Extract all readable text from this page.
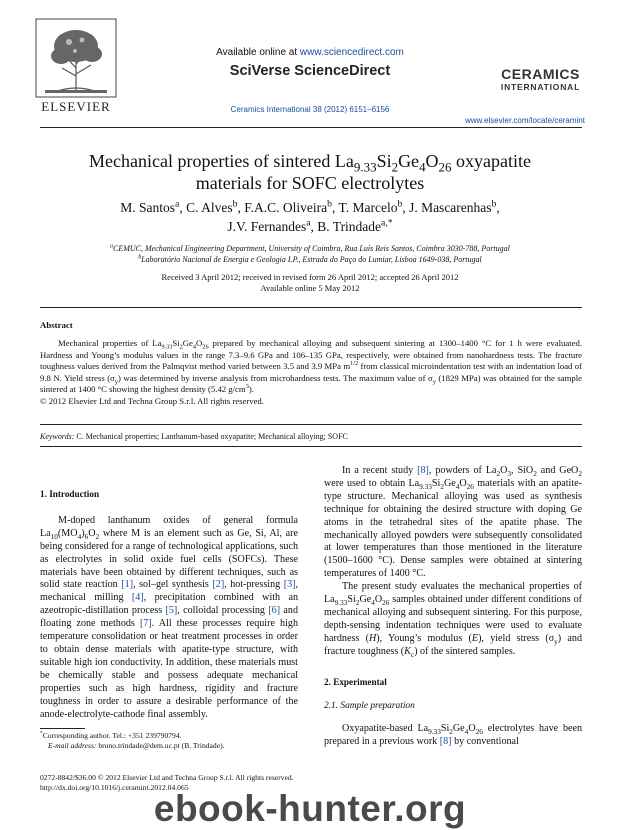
ELSEVIER
Available online at www.sciencedirect.com
SciVerse ScienceDirect
Ceramics International 38 (2012) 6151–6156
CERAMICS
INTERNATIONAL
www.elsevier.com/locate/ceramint
Mechanical properties of sintered $La_{9.33}Si_2Ge_4O_{26}$ oxyapatite
materials for SOFC electrolytes
M. Santos$^a$, C. Alves$^b$, F.A.C. Oliveira$^b$, T. Marcelo$^b$, J. Mascarenhas$^b$,
J.V. Fernandes$^a$, B. Trindade$^{a,*}$
$^a$CEMUC, Mechanical Engineering Department, University of Coimbra, Rua Luís Reis Santos, Coimbra 3030-788, Portugal
$^b$Laboratório Nacional de Energia e Geologia I.P., Estrada do Paço do Lumiar, Lisboa 1649-038, Portugal
Received 3 April 2012; received in revised form 26 April 2012; accepted 26 April 2012
Available online 5 May 2012
Abstract

Mechanical properties of $La_{9.33}Si_2Ge_4O_{26}$ prepared by mechanical alloying and subsequent sintering at 1300–1400 °C for 1 h were evaluated. Hardness and Young’s modulus values in the range 7.3–9.6 GPa and 106–135 GPa, respectively, were obtained from nanohardness tests. The fracture toughness values derived from the Palmqvist method varied between 3.5 and 3.9 MPa $m^{1/2}$ from classical microindentation test with an indentation load of 9.8 N. Yield stress $(\sigma_y)$ was determined by inverse analysis from microhardness tests. The maximum value of $\sigma_y$ (1829 MPa) was obtained for the sample sintered at 1400 °C showing the highest density (5.42 $g/cm^3$).

© 2012 Elsevier Ltd and Techna Group S.r.l. All rights reserved.

Keywords: C. Mechanical properties; Lanthanum-based oxyapatite; Mechanical alloying; SOFC
1. Introduction

M-doped lanthanum oxides of general formula $La_{10}(MO_4)_6O_2$ where M is an element such as Ge, Si, Al, are being considered for a range of technological applications, such as electrolytes in solid oxide fuel cells (SOFCs). These materials have been obtained by different techniques, such as solid state reaction [1], sol–gel synthesis [2], hot-pressing [3], mechanical milling [4], precipitation combined with an azeotropic-distillation process [5], colloidal processing [6] and floating zone methods [7]. All these processes require high temperature consolidation or heat treatment processes in order to obtain dense materials with apatite-type structure, with suitable high ion conductivity. In addition, these materials must be chemically stable and possess adequate mechanical properties such as high hardness, rigidity and fracture toughness in order to assure a desirable performance of the anode-electrolyte-cathode final assembly.

In a recent study [8], powders of $La_2O_3$, SiO$_2$ and GeO$_2$ were used to obtain $La_{9.33}Si_2Ge_4O_{26}$ materials with an apatite-type structure. Mechanical alloying was used as synthesis technique for obtaining the desired structure with doping Ge atoms in the tetrahedral sites of the apatite phase. The mechanically alloyed powders were subsequently consolidated at lower temperatures than those mentioned in the literature (1500–1600 °C). Dense samples were obtained at sintering temperatures of 1400 °C.

The present study evaluates the mechanical properties of $La_{9.33}Si_2Ge_4O_{26}$ samples obtained under different conditions of mechanical alloying and subsequent sintering. For this purpose, depth-sensing indentation techniques were used to evaluate hardness (H), Young’s modulus (E), yield stress $(\sigma_y)$ and fracture toughness $(K_c)$ of the sintered samples.

2. Experimental
2.1. Sample preparation

Oxyapatite-based $La_{9.33}Si_2Ge_4O_{26}$ electrolytes have been prepared in a previous work [8] by conventional

*Corresponding author. Tel.: +351 239790794.
E-mail address: bruno.trindade@dem.uc.pt (B. Trindade).
0272-8842/$36.00 © 2012 Elsevier Ltd and Techna Group S.r.l. All rights reserved.
http://dx.doi.org/10.1016/j.ceramint.2012.04.065
ebook-hunter.org
